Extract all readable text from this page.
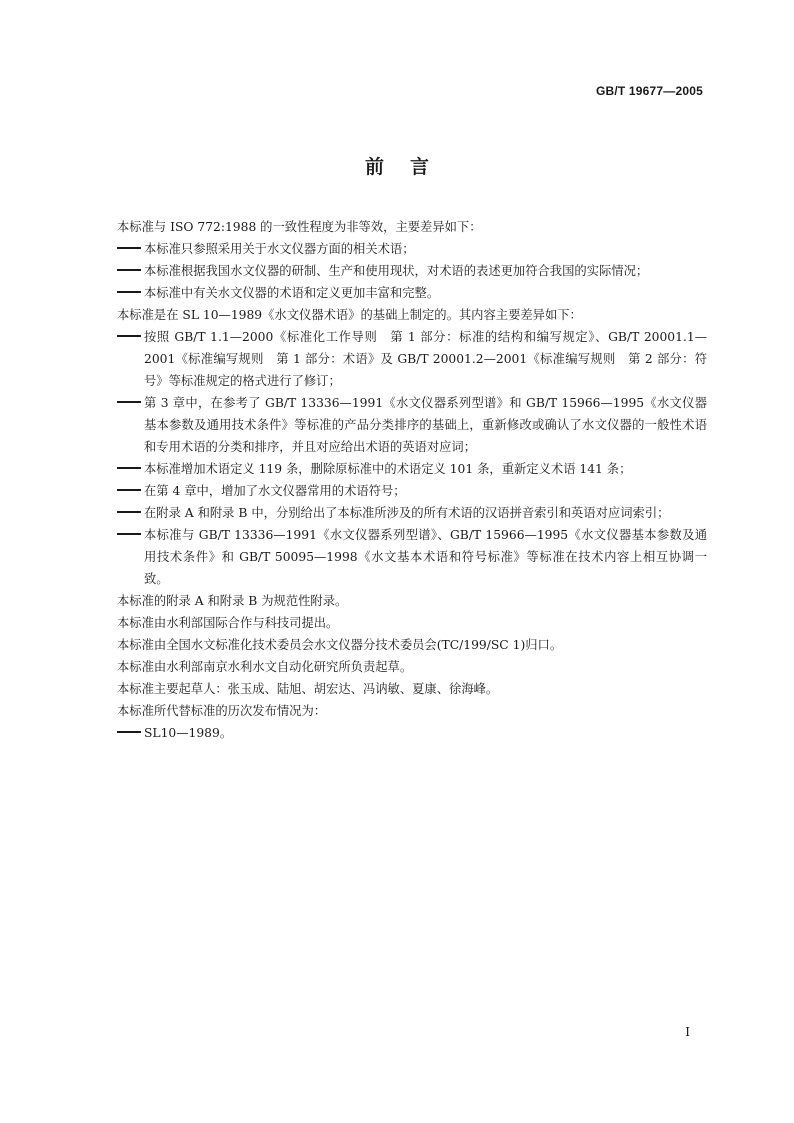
GB/T 19677—2005
前言

本标准与 ISO 772:1988 的一致性程度为非等效，主要差异如下：

本标准只参照采用关于水文仪器方面的相关术语；

本标准根据我国水文仪器的研制、生产和使用现状，对术语的表述更加符合我国的实际情况；

本标准中有关水文仪器的术语和定义更加丰富和完整。

本标准是在 SL 10—1989《水文仪器术语》的基础上制定的。其内容主要差异如下：

按照 GB/T 1.1—2000《标准化工作导则　第 1 部分：标准的结构和编写规定》、GB/T 20001.1—2001《标准编写规则　第 1 部分：术语》及 GB/T 20001.2—2001《标准编写规则　第 2 部分：符号》等标准规定的格式进行了修订；

第 3 章中，在参考了 GB/T 13336—1991《水文仪器系列型谱》和 GB/T 15966—1995《水文仪器基本参数及通用技术条件》等标准的产品分类排序的基础上，重新修改或确认了水文仪器的一般性术语和专用术语的分类和排序，并且对应给出术语的英语对应词；

本标准增加术语定义 119 条，删除原标准中的术语定义 101 条，重新定义术语 141 条；

在第 4 章中，增加了水文仪器常用的术语符号；

在附录 A 和附录 B 中，分别给出了本标准所涉及的所有术语的汉语拼音索引和英语对应词索引；

本标准与 GB/T 13336—1991《水文仪器系列型谱》、GB/T 15966—1995《水文仪器基本参数及通用技术条件》和 GB/T 50095—1998《水文基本术语和符号标准》等标准在技术内容上相互协调一致。

本标准的附录 A 和附录 B 为规范性附录。

本标准由水利部国际合作与科技司提出。

本标准由全国水文标准化技术委员会水文仪器分技术委员会(TC/199/SC 1)归口。

本标准由水利部南京水利水文自动化研究所负责起草。

本标准主要起草人：张玉成、陆旭、胡宏达、冯讷敏、夏康、徐海峰。

本标准所代替标准的历次发布情况为：

SL10—1989。

I
